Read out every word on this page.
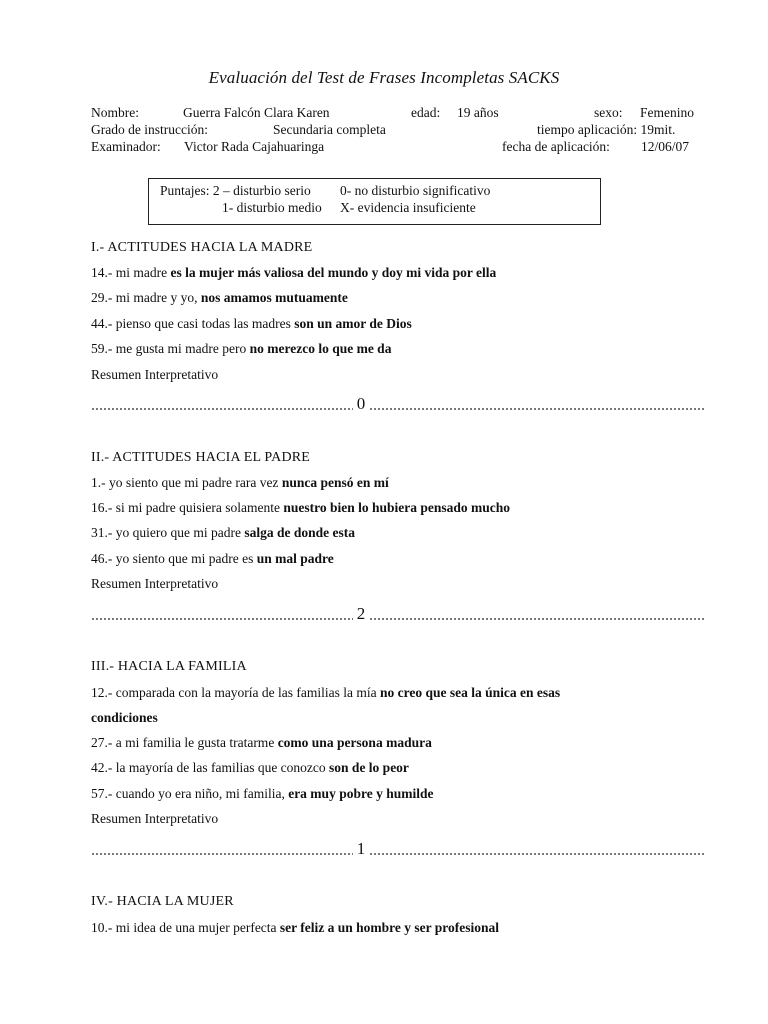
Evaluación del Test de Frases Incompletas SACKS
Nombre:	Guerra Falcón Clara Karen	edad: 19 años	sexo: Femenino
Grado de instrucción:	Secundaria completa	tiempo aplicación: 19mit.
Examinador: Victor Rada Cajahuaringa	fecha de aplicación: 12/06/07
Puntajes: 2 – disturbio serio 0- no disturbio significativo
1- disturbio medio X- evidencia insuficiente
I.- ACTITUDES HACIA LA MADRE
14.- mi madre es la mujer más valiosa del mundo y doy mi vida por ella
29.- mi madre y yo, nos amamos mutuamente
44.- pienso que casi todas las madres son un amor de Dios
59.- me gusta mi madre pero no merezco lo que me da
Resumen Interpretativo
0
II.- ACTITUDES HACIA EL PADRE
1.- yo siento que mi padre rara vez nunca pensó en mí
16.- si mi padre quisiera solamente nuestro bien lo hubiera pensado mucho
31.- yo quiero que mi padre salga de donde esta
46.- yo siento que mi padre es un mal padre
Resumen Interpretativo
2
III.- HACIA LA FAMILIA
12.- comparada con la mayoría de las familias la mía no creo que sea la única en esas
condiciones
27.- a mi familia le gusta tratarme como una persona madura
42.- la mayoría de las familias que conozco son de lo peor
57.- cuando yo era niño, mi familia, era muy pobre y humilde
Resumen Interpretativo
1
IV.- HACIA LA MUJER
10.- mi idea de una mujer perfecta ser feliz a un hombre y ser profesional
